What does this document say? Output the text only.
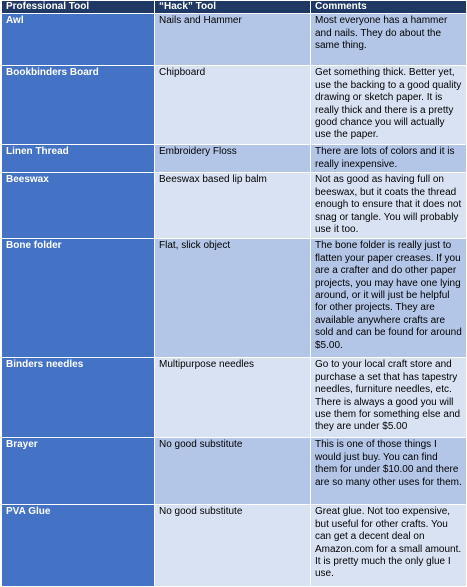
Professional Tool	“Hack” Tool	Comments
Awl	Nails and Hammer	Most everyone has a hammer and nails. They do about the same thing.
Bookbinders Board	Chipboard	Get something thick. Better yet, use the backing to a good quality drawing or sketch paper. It is really thick and there is a pretty good chance you will actually use the paper.
Linen Thread	Embroidery Floss	There are lots of colors and it is really inexpensive.
Beeswax	Beeswax based lip balm	Not as good as having full on beeswax, but it coats the thread enough to ensure that it does not snag or tangle. You will probably use it too.
Bone folder	Flat, slick object	The bone folder is really just to flatten your paper creases. If you are a crafter and do other paper projects, you may have one lying around, or it will just be helpful for other projects. They are available anywhere crafts are sold and can be found for around $5.00.
Binders needles	Multipurpose needles	Go to your local craft store and purchase a set that has tapestry needles, furniture needles, etc. There is always a good you will use them for something else and they are under $5.00
Brayer	No good substitute	This is one of those things I would just buy. You can find them for under $10.00 and there are so many other uses for them.
PVA Glue	No good substitute	Great glue. Not too expensive, but useful for other crafts. You can get a decent deal on Amazon.com for a small amount. It is pretty much the only glue I use.
